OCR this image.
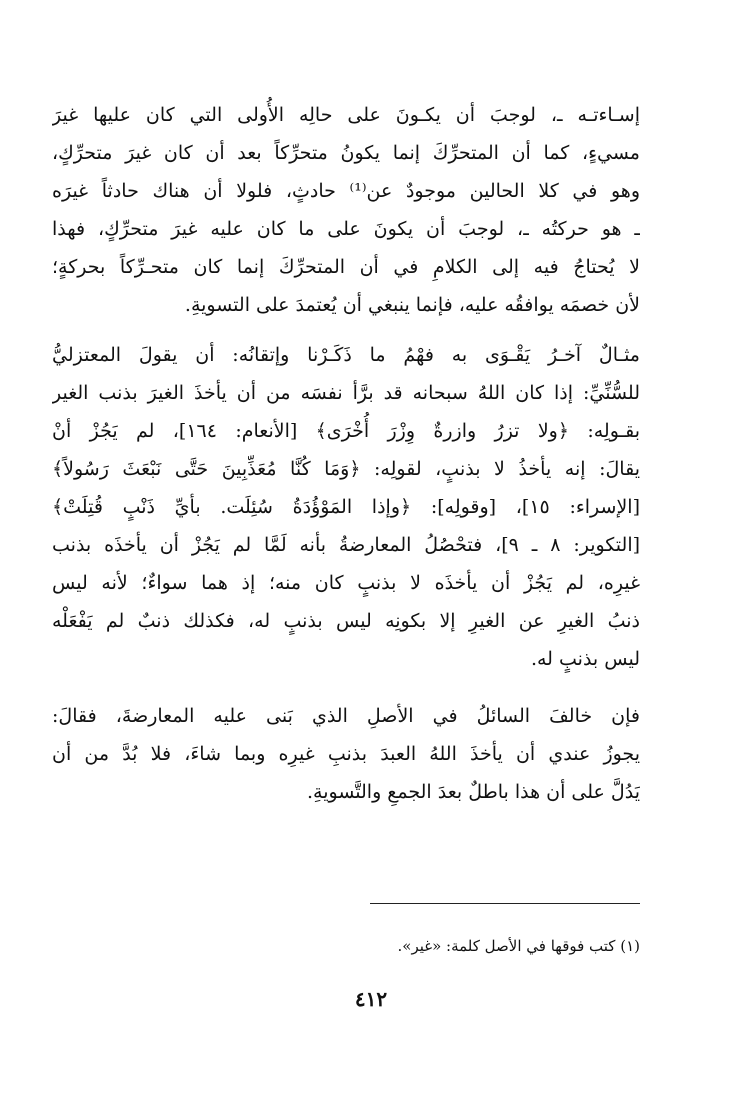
إسـاءتـه ـ، لوجبَ أن يكـونَ على حالِه الأُولى التي كان عليها غيرَ
مسيءٍ، كما أن المتحرِّكَ إنما يكونُ متحرِّكاً بعد أن كان غيرَ متحرِّكٍ،
وهو في كلا الحالين موجودٌ عن⁽¹⁾ حادثٍ، فلولا أن هناك حادثاً غيرَه
ـ هو حركتُه ـ، لوجبَ أن يكونَ على ما كان عليه غيرَ متحرِّكٍ، فهذا
لا يُحتاجُ فيه إلى الكلامِ في أن المتحرِّكَ إنما كان متحـرِّكاً بحركةٍ؛
لأن خصمَه يوافقُه عليه، فإنما ينبغي أن يُعتمدَ على التسويةِ.
مثـالٌ آخـرُ يَقْـوَى به فهْمُ ما ذَكَـرْنا وإتقانُه: أن يقولَ المعتزليُّ
للسُّنِّيِّ: إذا كان اللهُ سبحانه قد برَّأ نفسَه من أن يأخذَ الغيرَ بذنب الغير
بقـولِه: ﴿ولا تزرُ وازرةٌ وِزْرَ أُخْرَى﴾ [الأنعام: ١٦٤]، لم يَجُزْ أنْ
يقالَ: إنه يأخذُ لا بذنبٍ، لقولِه: ﴿وَمَا كُنَّا مُعَذِّبِينَ حَتَّى نَبْعَثَ رَسُولاً﴾
[الإسراء: ١٥]، [وقولِه]: ﴿وإذا المَوْؤُدَةُ سُئِلَت. بأيِّ ذَنْبٍ قُتِلَتْ﴾
[التكوير: ٨ ـ ٩]، فتحْصُلُ المعارضةُ بأنه لَمَّا لم يَجُزْ أن يأخذَه بذنب
غيرِه، لم يَجُزْ أن يأخذَه لا بذنبٍ كان منه؛ إذ هما سواءٌ؛ لأنه ليس
ذنبُ الغيرِ عن الغيرِ إلا بكونِه ليس بذنبٍ له، فكذلك ذنبٌ لم يَفْعَلْه
ليس بذنبٍ له.
فإن خالفَ السائلُ في الأصلِ الذي بَنى عليه المعارضةَ، فقالَ:
يجوزُ عندي أن يأخذَ اللهُ العبدَ بذنبِ غيرِه وبما شاءَ، فلا بُدَّ من أن
يَدُلَّ على أن هذا باطلٌ بعدَ الجمعِ والتَّسويةِ.
(١) كتب فوقها في الأصل كلمة: «غير».
٤١٢
